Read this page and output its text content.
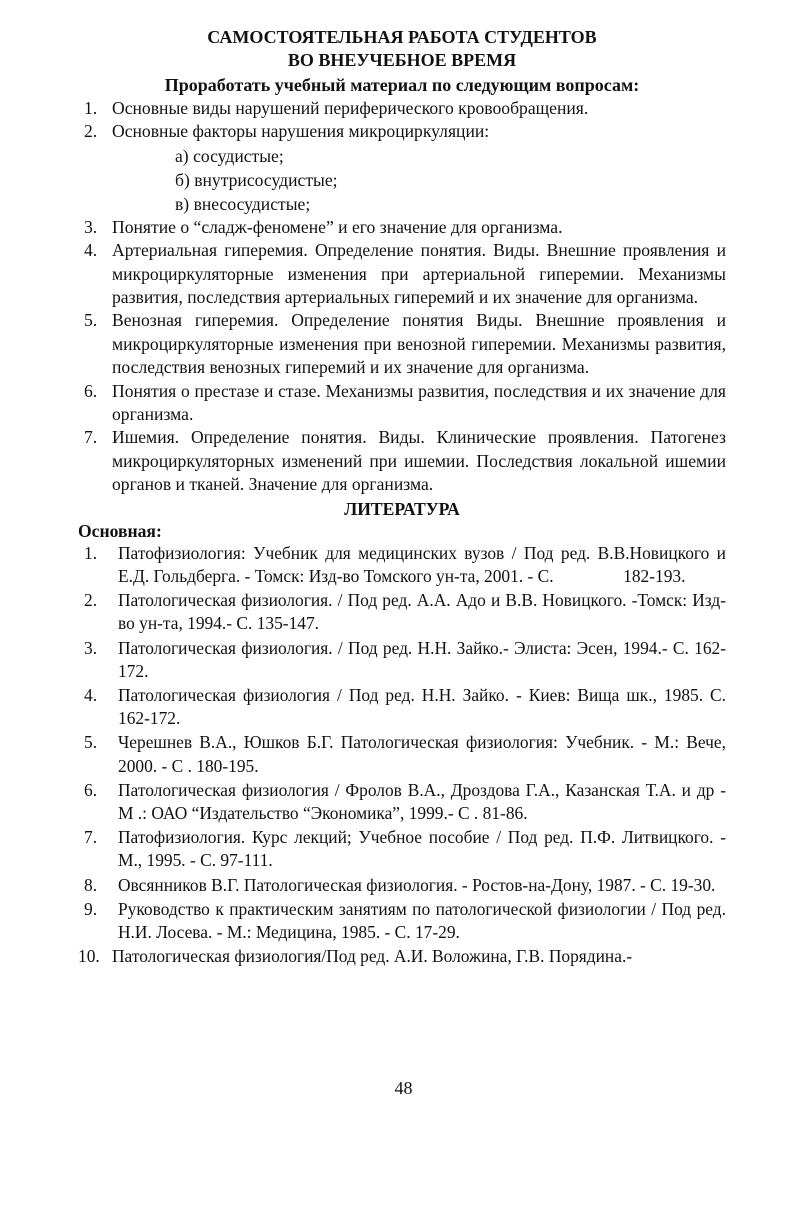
САМОСТОЯТЕЛЬНАЯ РАБОТА СТУДЕНТОВ
ВО ВНЕУЧЕБНОЕ ВРЕМЯ
Проработать учебный материал по следующим вопросам:
1. Основные виды нарушений периферического кровообращения.
2. Основные факторы нарушения микроциркуляции:
а) сосудистые;
б) внутрисосудистые;
в) внесосудистые;
3. Понятие о “сладж-феномене” и его значение для организма.
4. Артериальная гиперемия. Определение понятия. Виды. Внешние проявления и микроциркуляторные изменения при артериальной гиперемии. Механизмы развития, последствия артериальных гиперемий и их значение для организма.
5. Венозная гиперемия. Определение понятия Виды. Внешние проявления и микроциркуляторные изменения при венозной гиперемии. Механизмы развития, последствия венозных гиперемий и их значение для организма.
6. Понятия о престазе и стазе. Механизмы развития, последствия и их значение для организма.
7. Ишемия. Определение понятия. Виды. Клинические проявления. Патогенез микроциркуляторных изменений при ишемии. Последствия локальной ишемии органов и тканей. Значение для организма.
ЛИТЕРАТУРА
Основная:
1.	Патофизиология: Учебник для медицинских вузов / Под ред. В.В.Новицкого и Е.Д. Гольдберга. - Томск: Изд-во Томского ун-та, 2001. - С.                182-193.
2.	Патологическая физиология. / Под ред. А.А. Адо и В.В. Новицкого. -Томск: Изд-во ун-та, 1994.- С. 135-147.
3.	Патологическая физиология. / Под ред. Н.Н. Зайко.- Элиста: Эсен, 1994.- С. 162-172.
4.	Патологическая физиология / Под ред. Н.Н. Зайко. - Киев: Вища шк., 1985. С. 162-172.
5.	Черешнев В.А., Юшков Б.Г. Патологическая физиология: Учебник. - М.: Вече, 2000. - С . 180-195.
6.	Патологическая физиология / Фролов В.А., Дроздова Г.А., Казанская Т.А. и др - М .: ОАО “Издательство “Экономика”, 1999.- С . 81-86.
7.	Патофизиология. Курс лекций; Учебное пособие / Под ред. П.Ф. Литвицкого. - М., 1995. - С. 97-111.
8.	Овсянников В.Г. Патологическая физиология. - Ростов-на-Дону, 1987. - С. 19-30.
9.	Руководство к практическим занятиям по патологической физиологии / Под ред. Н.И. Лосева. - М.: Медицина, 1985. - С. 17-29.
10. Патологическая физиология/Под ред. А.И. Воложина, Г.В. Порядина.-
48
